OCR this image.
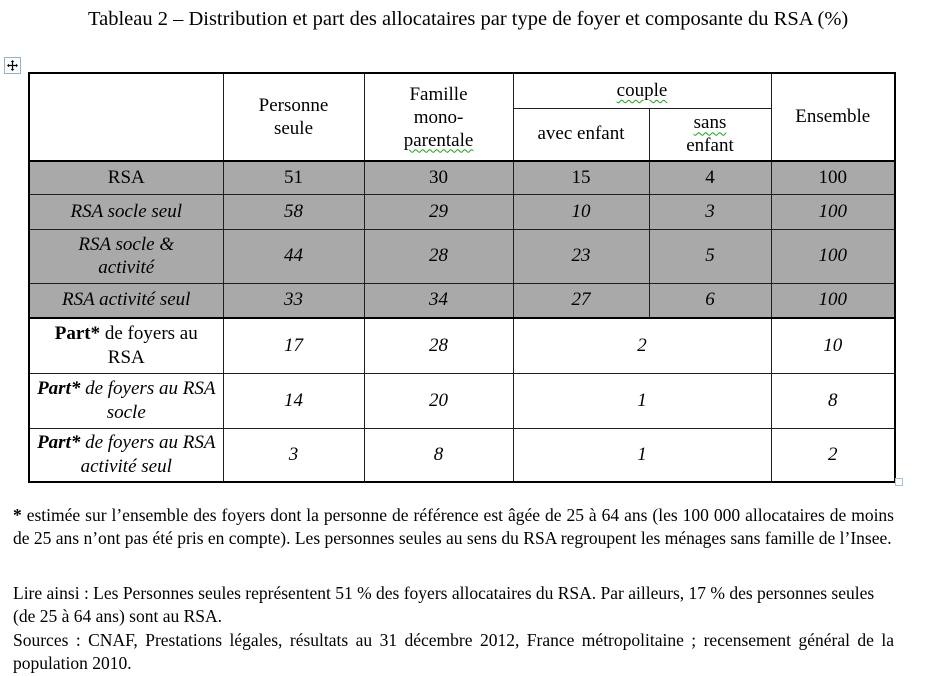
Tableau 2 – Distribution et part des allocataires par type de foyer et composante du RSA (%)

	Personne
seule	Famille
mono-
parentale	couple		Ensemble
			avec enfant	sans
enfant	

RSA	51	30	15	4	100
RSA socle seul	58	29	10	3	100

RSA socle &
activité	44	28	23	5	100
RSA activité seul	33	34	27	6	100
Part* de foyers au RSA	17	28	2		10
Part* de foyers au RSA socle	14	20	1		8
Part* de foyers au RSA activité seul	3	8	1		2

* estimée sur l’ensemble des foyers dont la personne de référence est âgée de 25 à 64 ans (les 100 000 allocataires de moins de 25 ans n’ont pas été pris en compte). Les personnes seules au sens du RSA regroupent les ménages sans famille de l’Insee.

Lire ainsi : Les Personnes seules représentent 51 % des foyers allocataires du RSA. Par ailleurs, 17 % des personnes seules (de 25 à 64 ans) sont au RSA.

Sources : CNAF, Prestations légales, résultats au 31 décembre 2012, France métropolitaine ; recensement général de la population 2010.
